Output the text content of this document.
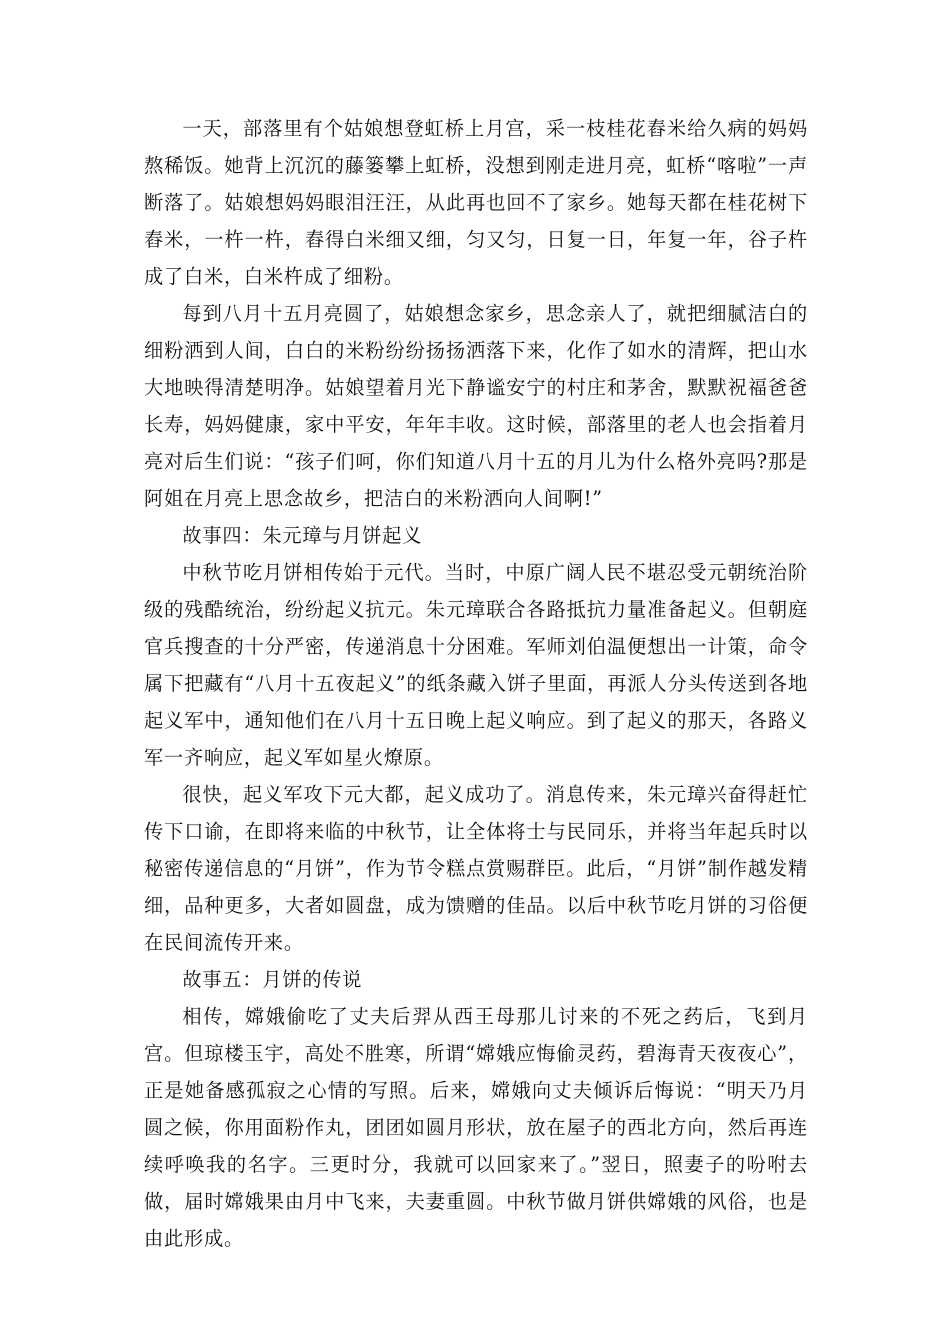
一天，部落里有个姑娘想登虹桥上月宫，采一枝桂花舂米给久病的妈妈熬稀饭。她背上沉沉的藤篓攀上虹桥，没想到刚走进月亮，虹桥“喀啦”一声断落了。姑娘想妈妈眼泪汪汪，从此再也回不了家乡。她每天都在桂花树下舂米，一杵一杵，舂得白米细又细，匀又匀，日复一日，年复一年，谷子杵成了白米，白米杵成了细粉。

每到八月十五月亮圆了，姑娘想念家乡，思念亲人了，就把细腻洁白的细粉洒到人间，白白的米粉纷纷扬扬洒落下来，化作了如水的清辉，把山水大地映得清楚明净。姑娘望着月光下静谧安宁的村庄和茅舍，默默祝福爸爸长寿，妈妈健康，家中平安，年年丰收。这时候，部落里的老人也会指着月亮对后生们说：“孩子们呵，你们知道八月十五的月儿为什么格外亮吗?那是阿姐在月亮上思念故乡，把洁白的米粉洒向人间啊!”

故事四：朱元璋与月饼起义

中秋节吃月饼相传始于元代。当时，中原广阔人民不堪忍受元朝统治阶级的残酷统治，纷纷起义抗元。朱元璋联合各路抵抗力量准备起义。但朝庭官兵搜查的十分严密，传递消息十分困难。军师刘伯温便想出一计策，命令属下把藏有“八月十五夜起义”的纸条藏入饼子里面，再派人分头传送到各地起义军中，通知他们在八月十五日晚上起义响应。到了起义的那天，各路义军一齐响应，起义军如星火燎原。

很快，起义军攻下元大都，起义成功了。消息传来，朱元璋兴奋得赶忙传下口谕，在即将来临的中秋节，让全体将士与民同乐，并将当年起兵时以秘密传递信息的“月饼”，作为节令糕点赏赐群臣。此后，“月饼”制作越发精细，品种更多，大者如圆盘，成为馈赠的佳品。以后中秋节吃月饼的习俗便在民间流传开来。

故事五：月饼的传说

相传，嫦娥偷吃了丈夫后羿从西王母那儿讨来的不死之药后，飞到月宫。但琼楼玉宇，高处不胜寒，所谓“嫦娥应悔偷灵药，碧海青天夜夜心”，正是她备感孤寂之心情的写照。后来，嫦娥向丈夫倾诉后悔说：“明天乃月圆之候，你用面粉作丸，团团如圆月形状，放在屋子的西北方向，然后再连续呼唤我的名字。三更时分，我就可以回家来了。”翌日，照妻子的吩咐去做，届时嫦娥果由月中飞来，夫妻重圆。中秋节做月饼供嫦娥的风俗，也是由此形成。
